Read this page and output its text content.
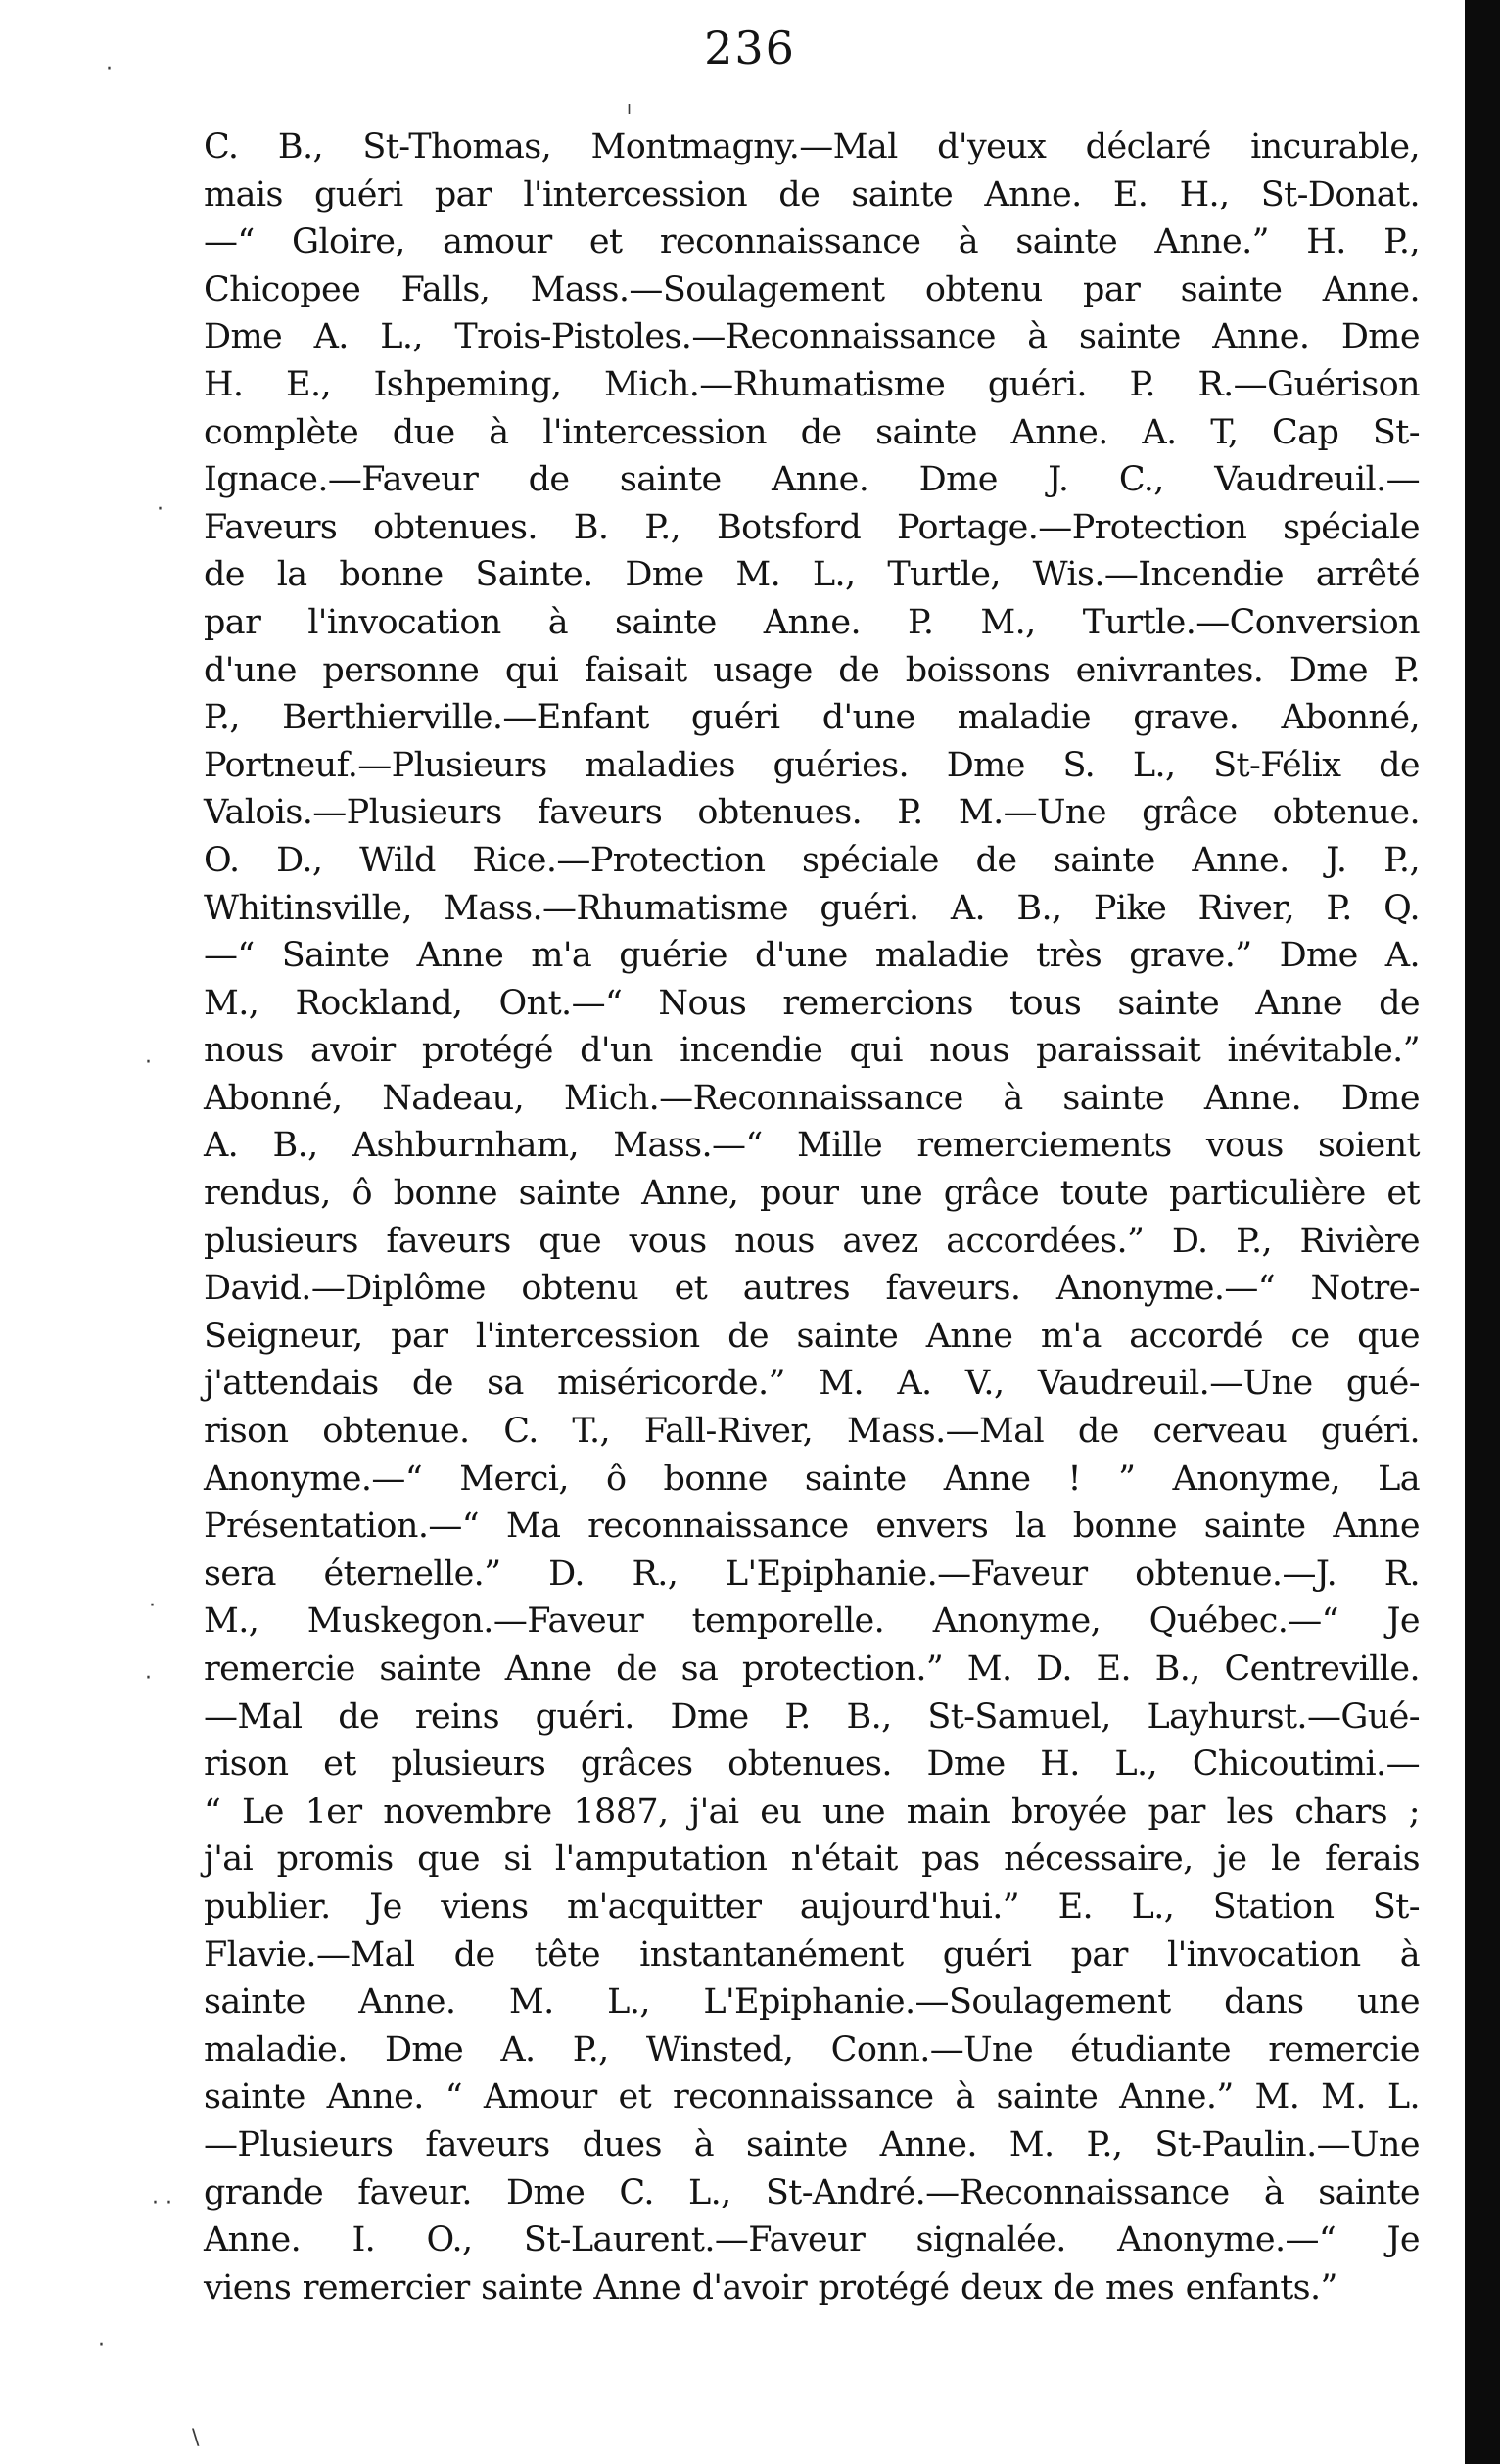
236
C. B., St-Thomas, Montmagny.—Mal d'yeux déclaré incurable,
mais guéri par l'intercession de sainte Anne. E. H., St-Donat.
—“ Gloire, amour et reconnaissance à sainte Anne.” H. P.,
Chicopee Falls, Mass.—Soulagement obtenu par sainte Anne.
Dme A. L., Trois-Pistoles.—Reconnaissance à sainte Anne. Dme
H. E., Ishpeming, Mich.—Rhumatisme guéri. P. R.—Guérison
complète due à l'intercession de sainte Anne. A. T, Cap St-
Ignace.—Faveur de sainte Anne. Dme J. C., Vaudreuil.—
Faveurs obtenues. B. P., Botsford Portage.—Protection spéciale
de la bonne Sainte. Dme M. L., Turtle, Wis.—Incendie arrêté
par l'invocation à sainte Anne. P. M., Turtle.—Conversion
d'une personne qui faisait usage de boissons enivrantes. Dme P.
P., Berthierville.—Enfant guéri d'une maladie grave. Abonné,
Portneuf.—Plusieurs maladies guéries. Dme S. L., St-Félix de
Valois.—Plusieurs faveurs obtenues. P. M.—Une grâce obtenue.
O. D., Wild Rice.—Protection spéciale de sainte Anne. J. P.,
Whitinsville, Mass.—Rhumatisme guéri. A. B., Pike River, P. Q.
—“ Sainte Anne m'a guérie d'une maladie très grave.” Dme A.
M., Rockland, Ont.—“ Nous remercions tous sainte Anne de
nous avoir protégé d'un incendie qui nous paraissait inévitable.”
Abonné, Nadeau, Mich.—Reconnaissance à sainte Anne. Dme
A. B., Ashburnham, Mass.—“ Mille remerciements vous soient
rendus, ô bonne sainte Anne, pour une grâce toute particulière et
plusieurs faveurs que vous nous avez accordées.” D. P., Rivière
David.—Diplôme obtenu et autres faveurs. Anonyme.—“ Notre-
Seigneur, par l'intercession de sainte Anne m'a accordé ce que
j'attendais de sa miséricorde.” M. A. V., Vaudreuil.—Une gué-
rison obtenue. C. T., Fall-River, Mass.—Mal de cerveau guéri.
Anonyme.—“ Merci, ô bonne sainte Anne ! ” Anonyme, La
Présentation.—“ Ma reconnaissance envers la bonne sainte Anne
sera éternelle.” D. R., L'Epiphanie.—Faveur obtenue.—J. R.
M., Muskegon.—Faveur temporelle. Anonyme, Québec.—“ Je
remercie sainte Anne de sa protection.” M. D. E. B., Centreville.
—Mal de reins guéri. Dme P. B., St-Samuel, Layhurst.—Gué-
rison et plusieurs grâces obtenues. Dme H. L., Chicoutimi.—
“ Le 1er novembre 1887, j'ai eu une main broyée par les chars ;
j'ai promis que si l'amputation n'était pas nécessaire, je le ferais
publier. Je viens m'acquitter aujourd'hui.” E. L., Station St-
Flavie.—Mal de tête instantanément guéri par l'invocation à
sainte Anne. M. L., L'Epiphanie.—Soulagement dans une
maladie. Dme A. P., Winsted, Conn.—Une étudiante remercie
sainte Anne. “ Amour et reconnaissance à sainte Anne.” M. M. L.
—Plusieurs faveurs dues à sainte Anne. M. P., St-Paulin.—Une
grande faveur. Dme C. L., St-André.—Reconnaissance à sainte
Anne. I. O., St-Laurent.—Faveur signalée. Anonyme.—“ Je
viens remercier sainte Anne d'avoir protégé deux de mes enfants.”
·
ı
·
·
·
·
· ·
·
\
